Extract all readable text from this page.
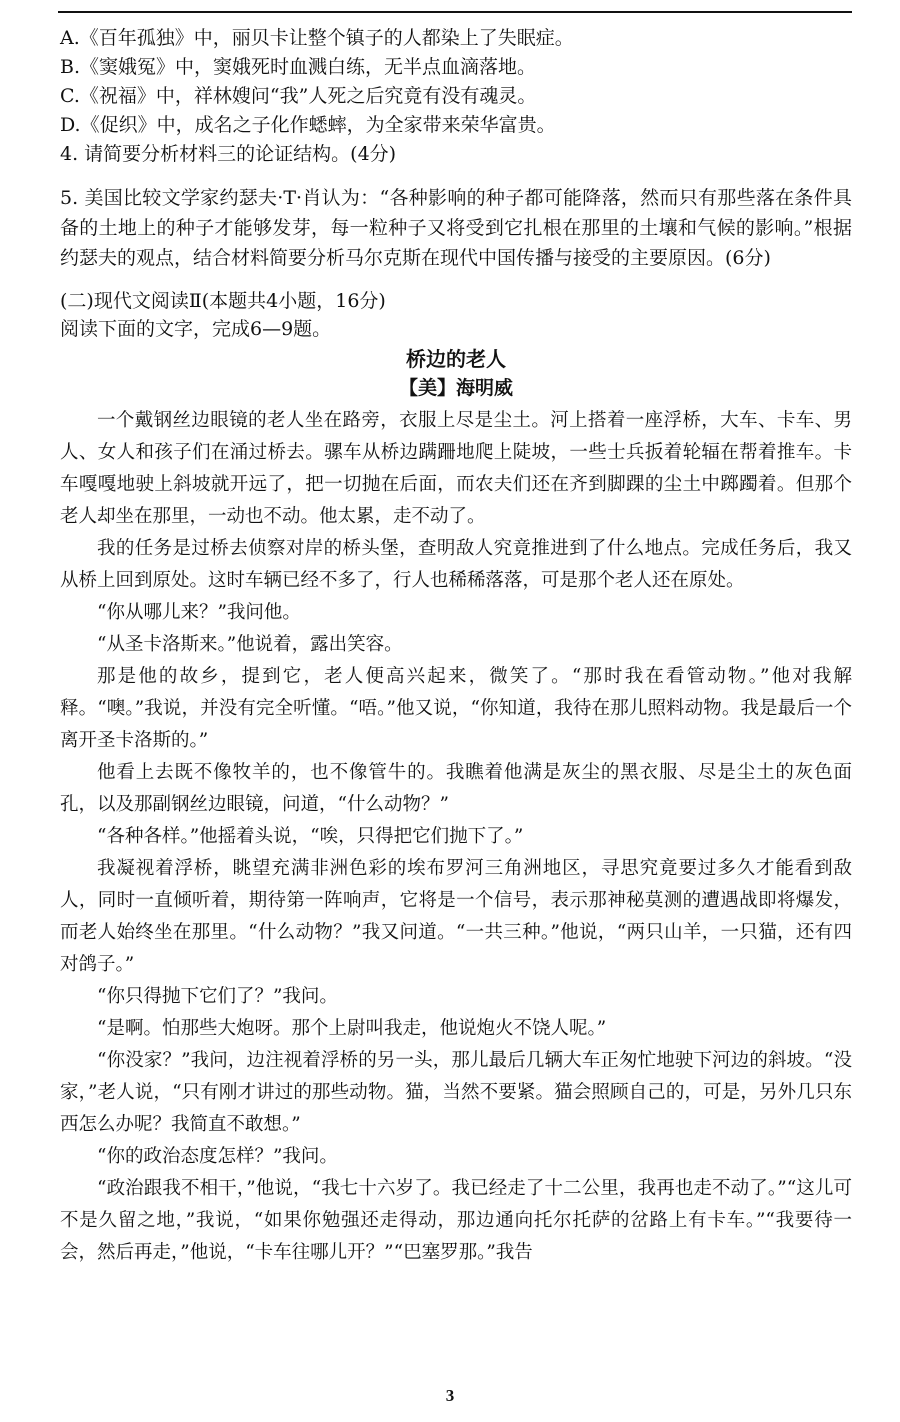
A.《百年孤独》中，丽贝卡让整个镇子的人都染上了失眠症。
B.《窦娥冤》中，窦娥死时血溅白练，无半点血滴落地。
C.《祝福》中，祥林嫂问“我”人死之后究竟有没有魂灵。
D.《促织》中，成名之子化作蟋蟀，为全家带来荣华富贵。
4. 请简要分析材料三的论证结构。(4分)

5. 美国比较文学家约瑟夫·T·肖认为：“各种影响的种子都可能降落，然而只有那些落在条件具备的土地上的种子才能够发芽，每一粒种子又将受到它扎根在那里的土壤和气候的影响。”根据约瑟夫的观点，结合材料简要分析马尔克斯在现代中国传播与接受的主要原因。(6分)

(二)现代文阅读Ⅱ(本题共4小题，16分)
阅读下面的文字，完成6—9题。
桥边的老人
【美】海明威

一个戴钢丝边眼镜的老人坐在路旁，衣服上尽是尘土。河上搭着一座浮桥，大车、卡车、男人、女人和孩子们在涌过桥去。骡车从桥边蹒跚地爬上陡坡，一些士兵扳着轮辐在帮着推车。卡车嘎嘎地驶上斜坡就开远了，把一切抛在后面，而农夫们还在齐到脚踝的尘土中踯躅着。但那个老人却坐在那里，一动也不动。他太累，走不动了。

我的任务是过桥去侦察对岸的桥头堡，查明敌人究竟推进到了什么地点。完成任务后，我又从桥上回到原处。这时车辆已经不多了，行人也稀稀落落，可是那个老人还在原处。

“你从哪儿来？”我问他。

“从圣卡洛斯来。”他说着，露出笑容。

那是他的故乡，提到它，老人便高兴起来，微笑了。“那时我在看管动物。”他对我解释。“噢。”我说，并没有完全听懂。“唔。”他又说，“你知道，我待在那儿照料动物。我是最后一个离开圣卡洛斯的。”

他看上去既不像牧羊的，也不像管牛的。我瞧着他满是灰尘的黑衣服、尽是尘土的灰色面孔，以及那副钢丝边眼镜，问道，“什么动物？”

“各种各样。”他摇着头说，“唉，只得把它们抛下了。”

我凝视着浮桥，眺望充满非洲色彩的埃布罗河三角洲地区，寻思究竟要过多久才能看到敌人，同时一直倾听着，期待第一阵响声，它将是一个信号，表示那神秘莫测的遭遇战即将爆发，而老人始终坐在那里。“什么动物？”我又问道。“一共三种。”他说，“两只山羊，一只猫，还有四对鸽子。”

“你只得抛下它们了？”我问。

“是啊。怕那些大炮呀。那个上尉叫我走，他说炮火不饶人呢。”

“你没家？”我问，边注视着浮桥的另一头，那儿最后几辆大车正匆忙地驶下河边的斜坡。“没家，”老人说，“只有刚才讲过的那些动物。猫，当然不要紧。猫会照顾自己的，可是，另外几只东西怎么办呢？我简直不敢想。”

“你的政治态度怎样？”我问。

“政治跟我不相干，”他说，“我七十六岁了。我已经走了十二公里，我再也走不动了。”“这儿可不是久留之地，”我说，“如果你勉强还走得动，那边通向托尔托萨的岔路上有卡车。”“我要待一会，然后再走，”他说，“卡车往哪儿开？”“巴塞罗那。”我告

3
